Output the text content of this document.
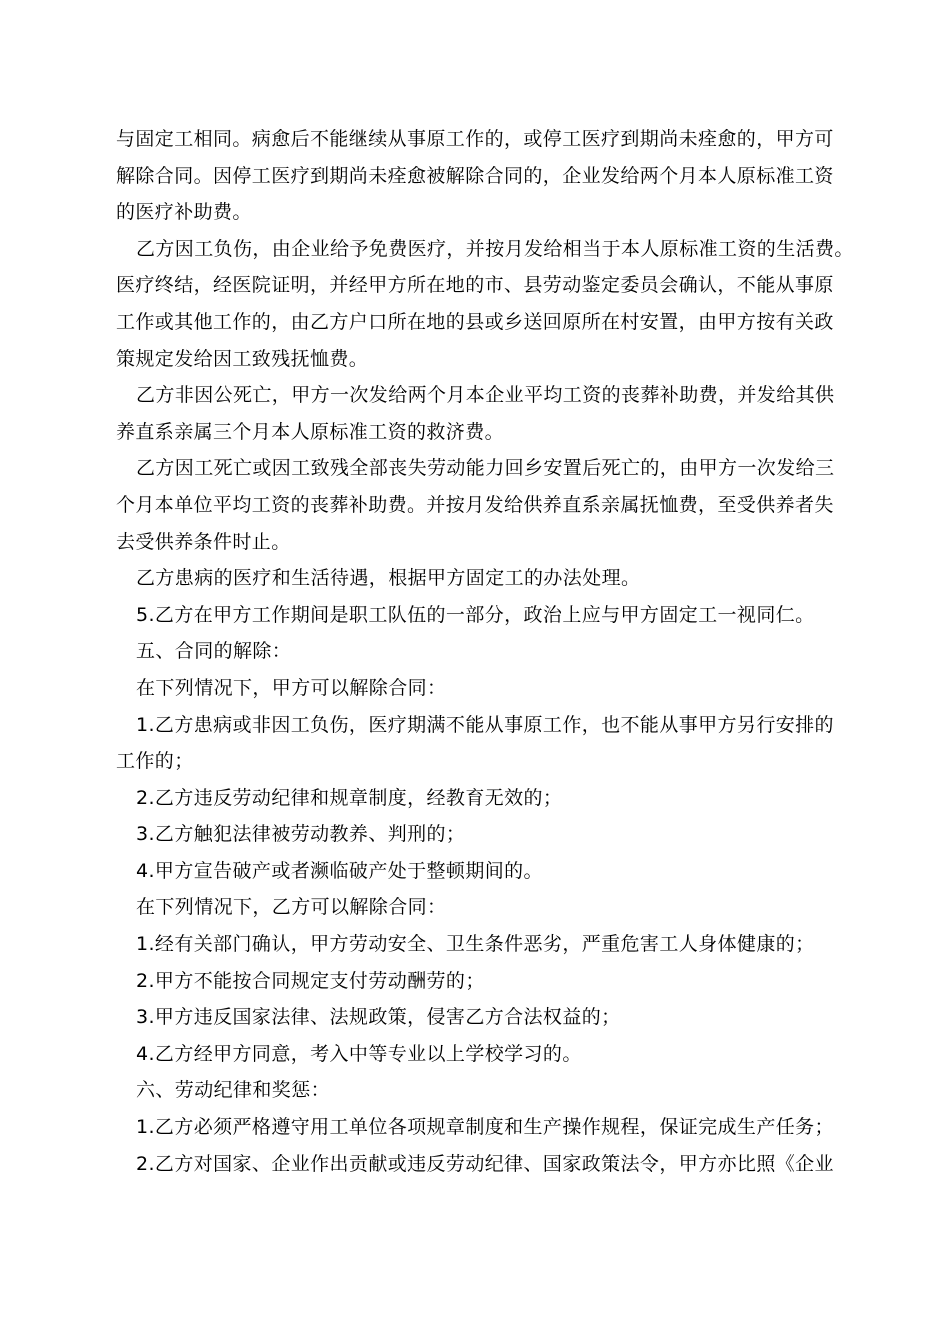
与固定工相同。病愈后不能继续从事原工作的，或停工医疗到期尚未痊愈的，甲方可
解除合同。因停工医疗到期尚未痊愈被解除合同的，企业发给两个月本人原标准工资
的医疗补助费。

乙方因工负伤，由企业给予免费医疗，并按月发给相当于本人原标准工资的生活费。
医疗终结，经医院证明，并经甲方所在地的市、县劳动鉴定委员会确认，不能从事原
工作或其他工作的，由乙方户口所在地的县或乡送回原所在村安置，由甲方按有关政
策规定发给因工致残抚恤费。

乙方非因公死亡，甲方一次发给两个月本企业平均工资的丧葬补助费，并发给其供
养直系亲属三个月本人原标准工资的救济费。

乙方因工死亡或因工致残全部丧失劳动能力回乡安置后死亡的，由甲方一次发给三
个月本单位平均工资的丧葬补助费。并按月发给供养直系亲属抚恤费，至受供养者失
去受供养条件时止。

乙方患病的医疗和生活待遇，根据甲方固定工的办法处理。

5.乙方在甲方工作期间是职工队伍的一部分，政治上应与甲方固定工一视同仁。

五、合同的解除：

在下列情况下，甲方可以解除合同：

1.乙方患病或非因工负伤，医疗期满不能从事原工作，也不能从事甲方另行安排的
工作的；

2.乙方违反劳动纪律和规章制度，经教育无效的；

3.乙方触犯法律被劳动教养、判刑的；

4.甲方宣告破产或者濒临破产处于整顿期间的。

在下列情况下，乙方可以解除合同：

1.经有关部门确认，甲方劳动安全、卫生条件恶劣，严重危害工人身体健康的；

2.甲方不能按合同规定支付劳动酬劳的；

3.甲方违反国家法律、法规政策，侵害乙方合法权益的；

4.乙方经甲方同意，考入中等专业以上学校学习的。

六、劳动纪律和奖惩：

1.乙方必须严格遵守用工单位各项规章制度和生产操作规程，保证完成生产任务；

2.乙方对国家、企业作出贡献或违反劳动纪律、国家政策法令，甲方亦比照《企业
